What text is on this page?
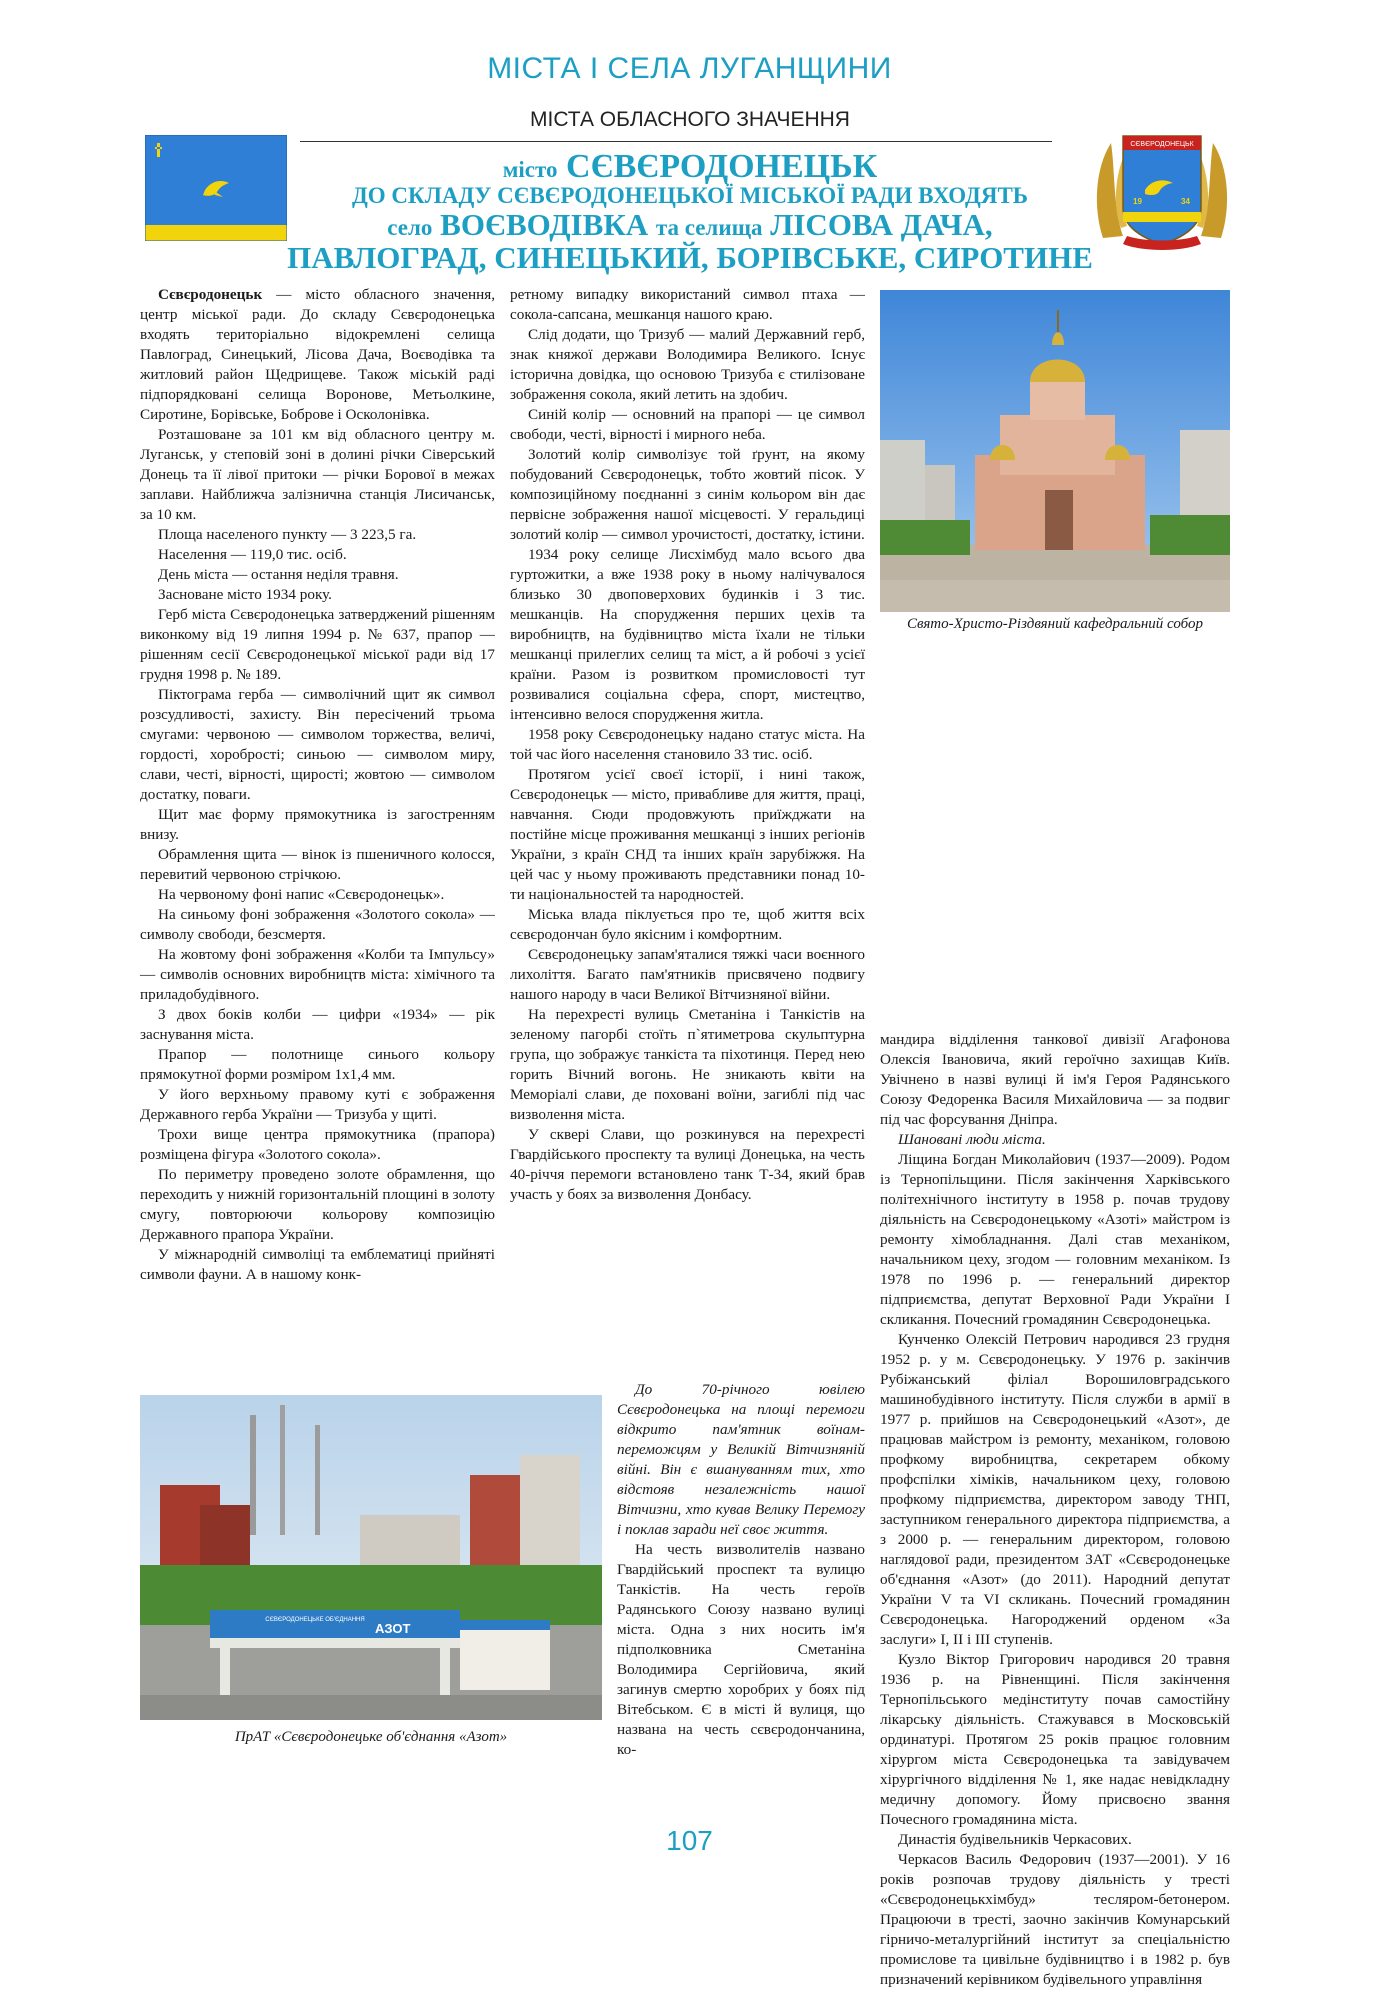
МІСТА І СЕЛА ЛУГАНЩИНИ
МІСТА ОБЛАСНОГО ЗНАЧЕННЯ
СЄВЄРОДОНЕЦЬК
19	34
місто СЄВЄРОДОНЕЦЬК
ДО СКЛАДУ СЄВЄРОДОНЕЦЬКОЇ МІСЬКОЇ РАДИ ВХОДЯТЬ
село ВОЄВОДІВКА та селища ЛІСОВА ДАЧА,
ПАВЛОГРАД, СИНЕЦЬКИЙ, БОРІВСЬКЕ, СИРОТИНЕ

Сєвєродонецьк — місто обласного значення, центр міської ради. До складу Сєвєродонецька входять територіально відокремлені селища Павлоград, Синецький, Лісова Дача, Воєводівка та житловий район Щедрищеве. Також міській раді підпорядковані селища Воронове, Метьолкине, Сиротине, Борівське, Боброве і Осколонівка.

Розташоване за 101 км від обласного центру м. Луганськ, у степовій зоні в долині річки Сіверський Донець та її лівої притоки — річки Борової в межах заплави. Найближча залізнична станція Лисичанськ, за 10 км.

Площа населеного пункту — 3 223,5 га.

Населення — 119,0 тис. осіб.

День міста — остання неділя травня.

Засноване місто 1934 року.

Герб міста Сєвєродонецька затверджений рішенням виконкому від 19 липня 1994 р. № 637, прапор — рішенням сесії Сєвєродонецької міської ради від 17 грудня 1998 р. № 189.

Піктограма герба — символічний щит як символ розсудливості, захисту. Він пересічений трьома смугами: червоною — символом торжества, величі, гордості, хоробрості; синьою — символом миру, слави, честі, вірності, щирості; жовтою — символом достатку, поваги.

Щит має форму прямокутника із загостренням внизу.

Обрамлення щита — вінок із пшеничного колосся, перевитий червоною стрічкою.

На червоному фоні напис «Сєвєродонецьк».

На синьому фоні зображення «Золотого сокола» — символу свободи, безсмертя.

На жовтому фоні зображення «Колби та Імпульсу» — символів основних виробництв міста: хімічного та приладобудівного.

З двох боків колби — цифри «1934» — рік заснування міста.

Прапор — полотнище синього кольору прямокутної форми розміром 1х1,4 мм.

У його верхньому правому куті є зображення Державного герба України — Тризуба у щиті.

Трохи вище центра прямокутника (прапора) розміщена фігура «Золотого сокола».

По периметру проведено золоте обрамлення, що переходить у нижній горизонтальній площині в золоту смугу, повторюючи кольорову композицію Державного прапора України.

У міжнародній символіці та емблематиці прийняті символи фауни. А в нашому конк-

ретному випадку використаний символ птаха — сокола-сапсана, мешканця нашого краю.

Слід додати, що Тризуб — малий Державний герб, знак княжої держави Володимира Великого. Існує історична довідка, що основою Тризуба є стилізоване зображення сокола, який летить на здобич.

Синій колір — основний на прапорі — це символ свободи, честі, вірності і мирного неба.

Золотий колір символізує той ґрунт, на якому побудований Сєвєродонецьк, тобто жовтий пісок. У композиційному поєднанні з синім кольором він дає первісне зображення нашої місцевості. У геральдиці золотий колір — символ урочистості, достатку, істини.

1934 року селище Лисхімбуд мало всього два гуртожитки, а вже 1938 року в ньому налічувалося близько 30 двоповерхових будинків і 3 тис. мешканців. На спорудження перших цехів та виробництв, на будівництво міста їхали не тільки мешканці прилеглих селищ та міст, а й робочі з усієї країни. Разом із розвитком промисловості тут розвивалися соціальна сфера, спорт, мистецтво, інтенсивно велося спорудження житла.

1958 року Сєвєродонецьку надано статус міста. На той час його населення становило 33 тис. осіб.

Протягом усієї своєї історії, і нині також, Сєвєродонецьк — місто, привабливе для життя, праці, навчання. Сюди продовжують приїжджати на постійне місце проживання мешканці з інших регіонів України, з країн СНД та інших країн зарубіжжя. На цей час у ньому проживають представники понад 10-ти національностей та народностей.

Міська влада піклується про те, щоб життя всіх сєвєродончан було якісним і комфортним.

Сєвєродонецьку запам'яталися тяжкі часи воєнного лихоліття. Багато пам'ятників присвячено подвигу нашого народу в часи Великої Вітчизняної війни.

На перехресті вулиць Сметаніна і Танкістів на зеленому пагорбі стоїть п`ятиметрова скульптурна група, що зображує танкіста та піхотинця. Перед нею горить Вічний вогонь. Не зникають квіти на Меморіалі слави, де поховані воїни, загиблі під час визволення міста.

У сквері Слави, що розкинувся на перехресті Гвардійського проспекту та вулиці Донецька, на честь 40-річчя перемоги встановлено танк Т-34, який брав участь у боях за визволення Донбасу.

До 70-річного ювілею Сєвєродонецька на площі перемоги відкрито пам'ятник воїнам-переможцям у Великій Вітчизняній війні. Він є вшануванням тих, хто відстояв незалежність нашої Вітчизни, хто кував Велику Перемогу і поклав заради неї своє життя.

На честь визволителів названо Гвардійський проспект та вулицю Танкістів. На честь героїв Радянського Союзу названо вулиці міста. Одна з них носить ім'я підполковника Сметаніна Володимира Сергійовича, який загинув смертю хоробрих у боях під Вітебськом. Є в місті й вулиця, що названа на честь сєвєродончанина, ко-

Свято-Христо-Різдвяний кафедральний собор
СЄВЄРОДОНЕЦЬКЕ ОБ'ЄДНАННЯ
АЗОТ
ПрАТ «Сєвєродонецьке об'єднання «Азот»

мандира відділення танкової дивізії Агафонова Олексія Івановича, який героїчно захищав Київ. Увічнено в назві вулиці й ім'я Героя Радянського Союзу Федоренка Василя Михайловича — за подвиг під час форсування Дніпра.

Шановані люди міста.

Ліщина Богдан Миколайович (1937—2009). Родом із Тернопільщини. Після закінчення Харківського політехнічного інституту в 1958 р. почав трудову діяльність на Сєвєродонецькому «Азоті» майстром із ремонту хімобладнання. Далі став механіком, начальником цеху, згодом — головним механіком. Із 1978 по 1996 р. — генеральний директор підприємства, депутат Верховної Ради України І скликання. Почесний громадянин Сєвєродонецька.

Кунченко Олексій Петрович народився 23 грудня 1952 р. у м. Сєвєродонецьку. У 1976 р. закінчив Рубіжанський філіал Ворошиловградського машинобудівного інституту. Після служби в армії в 1977 р. прийшов на Сєвєродонецький «Азот», де працював майстром із ремонту, механіком, головою профкому виробництва, секретарем обкому профспілки хіміків, начальником цеху, головою профкому підприємства, директором заводу ТНП, заступником генерального директора підприємства, а з 2000 р. — генеральним директором, головою наглядової ради, президентом ЗАТ «Сєвєродонецьке об'єднання «Азот» (до 2011). Народний депутат України V та VI скликань. Почесний громадянин Сєвєродонецька. Нагороджений орденом «За заслуги» І, ІІ і ІІІ ступенів.

Кузло Віктор Григорович народився 20 травня 1936 р. на Рівненщині. Після закінчення Тернопільського медінституту почав самостійну лікарську діяльність. Стажувався в Московській ординатурі. Протягом 25 років працює головним хірургом міста Сєвєродонецька та завідувачем хірургічного відділення № 1, яке надає невідкладну медичну допомогу. Йому присвоєно звання Почесного громадянина міста.

Династія будівельників Черкасових.

Черкасов Василь Федорович (1937—2001). У 16 років розпочав трудову діяльність у тресті «Сєвєродонецькхімбуд» тесляром-бетонером. Працюючи в тресті, заочно закінчив Комунарський гірничо-металургійний інститут за спеціальністю промислове та цивільне будівництво і в 1982 р. був призначений керівником будівельного управління

107
